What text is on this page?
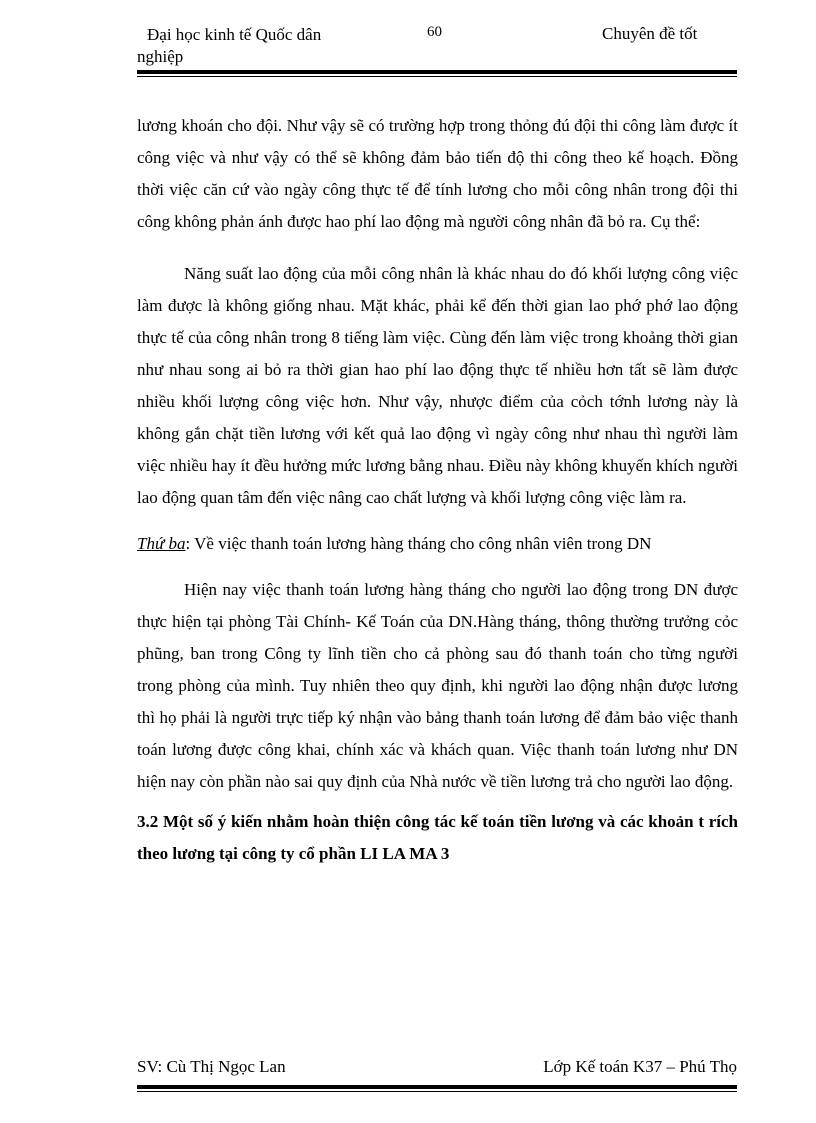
Đại học kinh tế Quốc dân
nghiệp
60	Chuyên đề tốt

lương khoán cho đội. Như vậy sẽ có trường hợp trong thỏng đú đội thi công làm được ít công việc và như vậy có thể sẽ không đảm bảo tiến độ thi công theo kế hoạch. Đồng thời việc căn cứ vào ngày công thực tế để tính lương cho mỗi công nhân trong đội thi công không phản ánh được hao phí lao động mà người công nhân đã bỏ ra. Cụ thể:

Năng suất lao động của mỗi công nhân là khác nhau do đó khối lượng công việc làm được là không giống nhau. Mặt khác, phải kể đến thời gian lao phớ phớ lao động thực tế của công nhân trong 8 tiếng làm việc. Cùng đến làm việc trong khoảng thời gian như nhau song ai bỏ ra thời gian hao phí lao động thực tế nhiều hơn tất sẽ làm được nhiều khối lượng công việc hơn. Như vậy, nhược điểm của cỏch tớnh lương này là không gắn chặt tiền lương với kết quả lao động vì ngày công như nhau thì người làm việc nhiều hay ít đều hưởng mức lương bằng nhau. Điều này không khuyến khích người lao động quan tâm đến việc nâng cao chất lượng và khối lượng công việc làm ra.

Thứ ba: Về việc thanh toán lương hàng tháng cho công nhân viên trong DN

Hiện nay việc thanh toán lương hàng tháng cho người lao động trong DN được thực hiện tại phòng Tài Chính- Kế Toán của DN.Hàng tháng, thông thường trưởng cỏc phũng, ban trong Công ty lĩnh tiền cho cả phòng sau đó thanh toán cho từng người trong phòng của mình. Tuy nhiên theo quy định, khi người lao động nhận được lương thì họ phải là người trực tiếp ký nhận vào bảng thanh toán lương để đảm bảo việc thanh toán lương được công khai, chính xác và khách quan. Việc thanh toán lương như DN hiện nay còn phần nào sai quy định của Nhà nước về tiền lương trả cho người lao động.

3.2 Một số ý kiến nhằm hoàn thiện công tác kế toán tiền lương và các khoản t rích theo lương tại công ty cổ phần LI LA MA 3

SV: Cù Thị Ngọc Lan	Lớp Kế toán K37 – Phú Thọ
